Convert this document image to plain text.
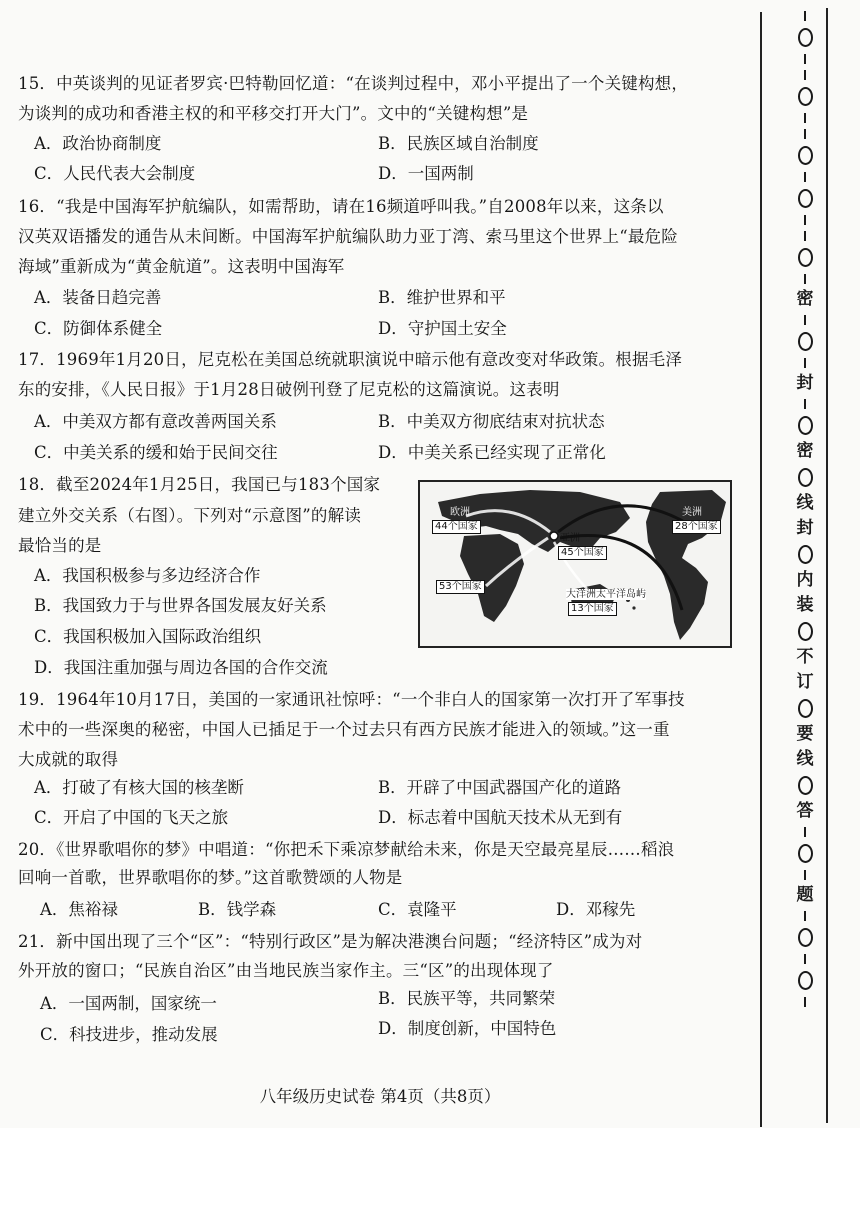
15．中英谈判的见证者罗宾·巴特勒回忆道：“在谈判过程中，邓小平提出了一个关键构想，
为谈判的成功和香港主权的和平移交打开大门”。文中的“关键构想”是
A．政治协商制度	B．民族区域自治制度
C．人民代表大会制度	D．一国两制
16．“我是中国海军护航编队，如需帮助，请在16频道呼叫我。”自2008年以来，这条以
汉英双语播发的通告从未间断。中国海军护航编队助力亚丁湾、索马里这个世界上“最危险
海域”重新成为“黄金航道”。这表明中国海军
A．装备日趋完善	B．维护世界和平
C．防御体系健全	D．守护国土安全
17．1969年1月20日，尼克松在美国总统就职演说中暗示他有意改变对华政策。根据毛泽
东的安排，《人民日报》于1月28日破例刊登了尼克松的这篇演说。这表明
A．中美双方都有意改善两国关系	B．中美双方彻底结束对抗状态
C．中美关系的缓和始于民间交往	D．中美关系已经实现了正常化
18．截至2024年1月25日，我国已与183个国家
建立外交关系（右图）。下列对“示意图”的解读
最恰当的是
A．我国积极参与多边经济合作
B．我国致力于与世界各国发展友好关系
C．我国积极加入国际政治组织
D．我国注重加强与周边各国的合作交流
欧洲
44个国家
美洲
28个国家
亚洲
45个国家
53个国家
大洋洲太平洋岛屿
13个国家
19．1964年10月17日，美国的一家通讯社惊呼：“一个非白人的国家第一次打开了军事技
术中的一些深奥的秘密，中国人已插足于一个过去只有西方民族才能进入的领域。”这一重
大成就的取得
A．打破了有核大国的核垄断	B．开辟了中国武器国产化的道路
C．开启了中国的飞天之旅	D．标志着中国航天技术从无到有
20．《世界歌唱你的梦》中唱道：“你把禾下乘凉梦献给未来，你是天空最亮星辰……稻浪
回响一首歌，世界歌唱你的梦。”这首歌赞颂的人物是
A．焦裕禄	B．钱学森	C．袁隆平	D．邓稼先
21．新中国出现了三个“区”：“特别行政区”是为解决港澳台问题；“经济特区”成为对
外开放的窗口；“民族自治区”由当地民族当家作主。三“区”的出现体现了
A．一国两制，国家统一	B．民族平等，共同繁荣
C．科技进步，推动发展	D．制度创新，中国特色
八年级历史试卷 第4页（共8页）
密
封
密
线
封
内
装
不
订
要
线
答
题
